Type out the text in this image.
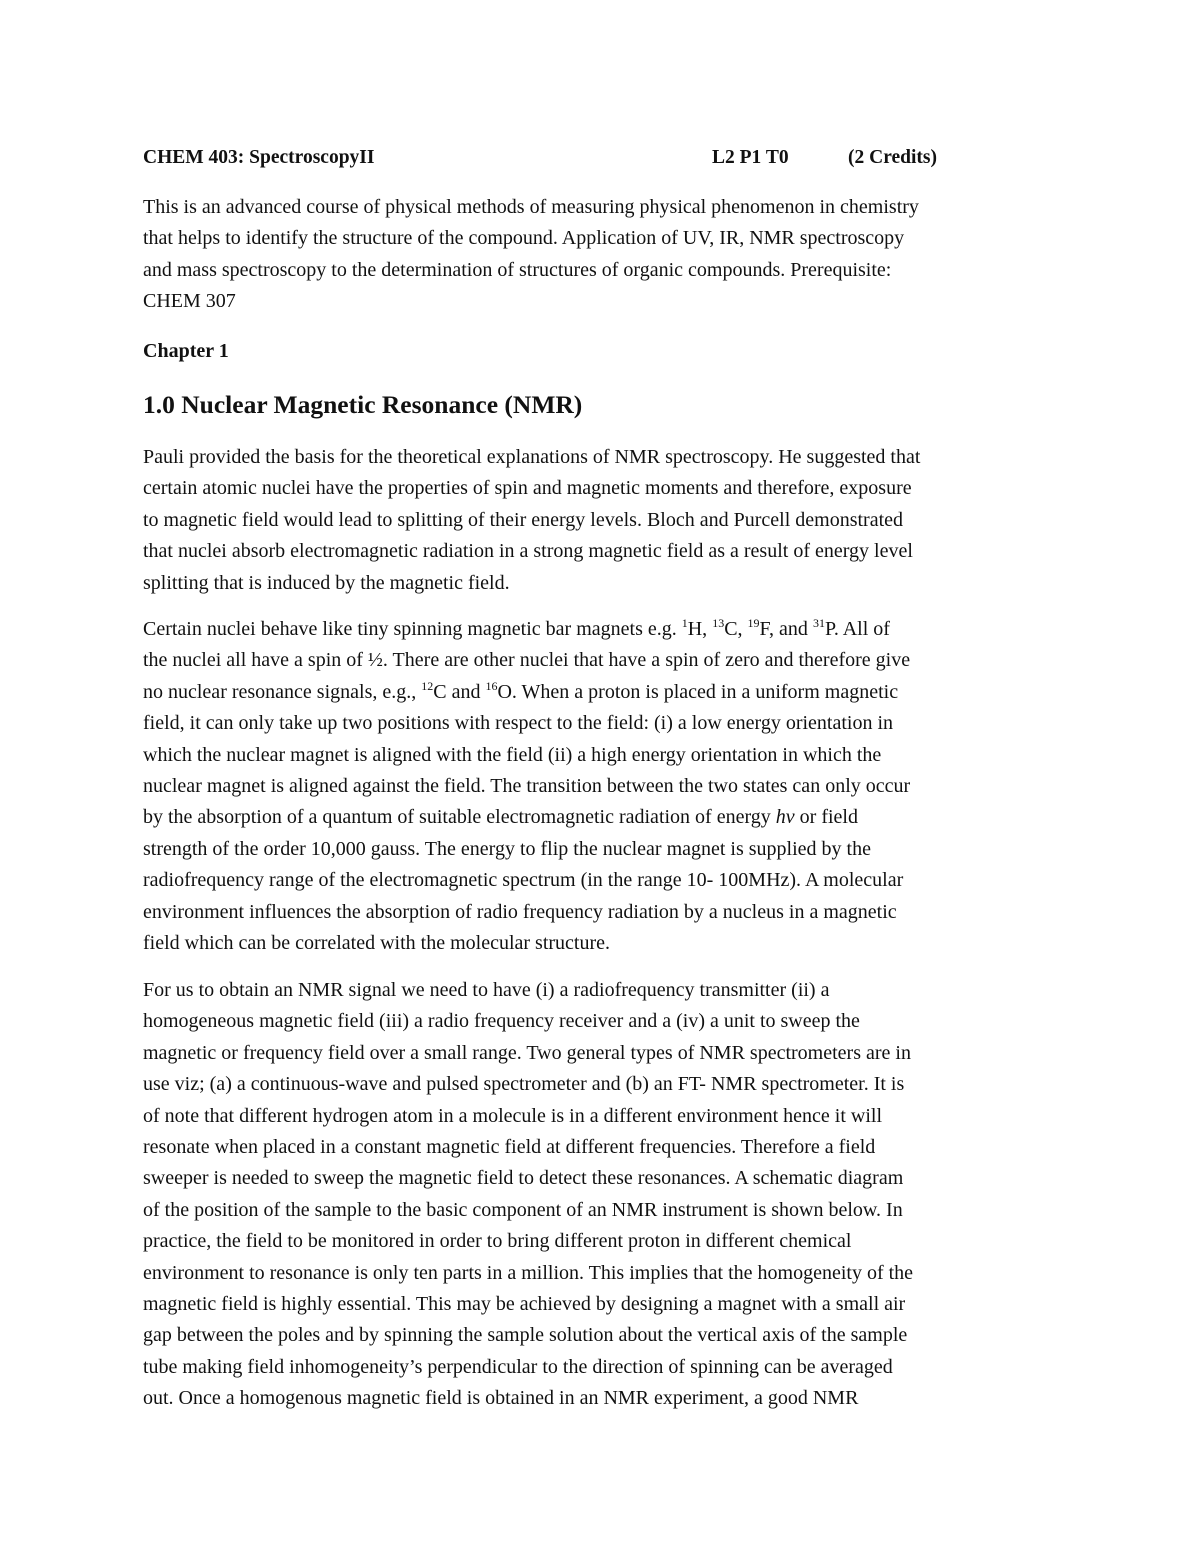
CHEM 403: SpectroscopyII	L2 P1 T0	(2 Credits)

This is an advanced course of physical methods of measuring physical phenomenon in chemistry
that helps to identify the structure of the compound. Application of UV, IR, NMR spectroscopy
and mass spectroscopy to the determination of structures of organic compounds. Prerequisite:
CHEM 307

Chapter 1

1.0 Nuclear Magnetic Resonance (NMR)

Pauli provided the basis for the theoretical explanations of NMR spectroscopy. He suggested that
certain atomic nuclei have the properties of spin and magnetic moments and therefore, exposure
to magnetic field would lead to splitting of their energy levels. Bloch and Purcell demonstrated
that nuclei absorb electromagnetic radiation in a strong magnetic field as a result of energy level
splitting that is induced by the magnetic field.

Certain nuclei behave like tiny spinning magnetic bar magnets e.g. $^1$H, $^{13}$C, $^{19}$F, and $^{31}$P. All of
the nuclei all have a spin of ½. There are other nuclei that have a spin of zero and therefore give
no nuclear resonance signals, e.g., $^{12}$C and $^{16}$O. When a proton is placed in a uniform magnetic
field, it can only take up two positions with respect to the field: (i) a low energy orientation in
which the nuclear magnet is aligned with the field (ii) a high energy orientation in which the
nuclear magnet is aligned against the field. The transition between the two states can only occur
by the absorption of a quantum of suitable electromagnetic radiation of energy hv or field
strength of the order 10,000 gauss. The energy to flip the nuclear magnet is supplied by the
radiofrequency range of the electromagnetic spectrum (in the range 10- 100MHz). A molecular
environment influences the absorption of radio frequency radiation by a nucleus in a magnetic
field which can be correlated with the molecular structure.

For us to obtain an NMR signal we need to have (i) a radiofrequency transmitter (ii) a
homogeneous magnetic field (iii) a radio frequency receiver and a (iv) a unit to sweep the
magnetic or frequency field over a small range. Two general types of NMR spectrometers are in
use viz; (a) a continuous-wave and pulsed spectrometer and (b) an FT- NMR spectrometer. It is
of note that different hydrogen atom in a molecule is in a different environment hence it will
resonate when placed in a constant magnetic field at different frequencies. Therefore a field
sweeper is needed to sweep the magnetic field to detect these resonances. A schematic diagram
of the position of the sample to the basic component of an NMR instrument is shown below. In
practice, the field to be monitored in order to bring different proton in different chemical
environment to resonance is only ten parts in a million. This implies that the homogeneity of the
magnetic field is highly essential. This may be achieved by designing a magnet with a small air
gap between the poles and by spinning the sample solution about the vertical axis of the sample
tube making field inhomogeneity’s perpendicular to the direction of spinning can be averaged
out. Once a homogenous magnetic field is obtained in an NMR experiment, a good NMR
